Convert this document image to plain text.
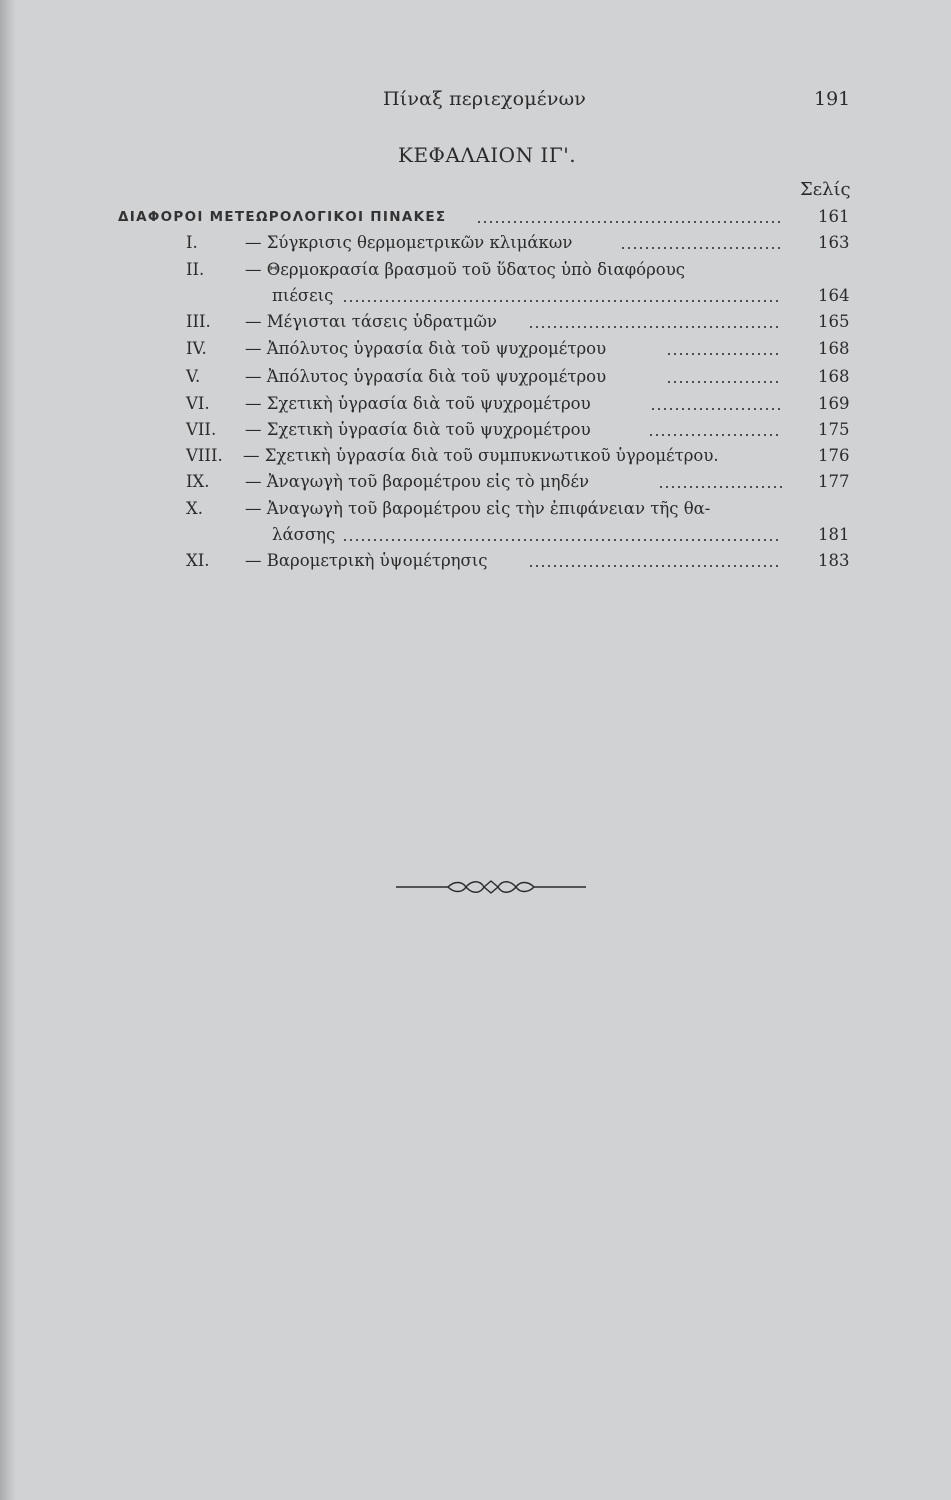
Πίναξ περιεχομένων	191
ΚΕΦΑΛΑΙΟΝ ΙΓ'.
Σελίς
ΔΙΑΦΟΡΟΙ ΜΕΤΕΩΡΟΛΟΓΙΚΟΙ ΠΙΝΑΚΕΣ	161
I.	— Σύγκρισις θερμομετρικῶν κλιμάκων	163
II. — Θερμοκρασία βρασμοῦ τοῦ ὕδατος ὑπὸ διαφόρους
πιέσεις	164
III. — Μέγισται τάσεις ὑδρατμῶν	165
IV. — Ἀπόλυτος ὑγρασία διὰ τοῦ ψυχρομέτρου	168
V.	— Ἀπόλυτος ὑγρασία διὰ τοῦ ψυχρομέτρου	168
VI. — Σχετικὴ ὑγρασία διὰ τοῦ ψυχρομέτρου	169
VII. — Σχετικὴ ὑγρασία διὰ τοῦ ψυχρομέτρου	175
VIII. — Σχετικὴ ὑγρασία διὰ τοῦ συμπυκνωτικοῦ ὑγρομέτρου.	176
IX. — Ἀναγωγὴ τοῦ βαρομέτρου εἰς τὸ μηδέν	177
X.	— Ἀναγωγὴ τοῦ βαρομέτρου εἰς τὴν ἐπιφάνειαν τῆς θα-
λάσσης	181
XI. — Βαρομετρικὴ ὑψομέτρησις	183
